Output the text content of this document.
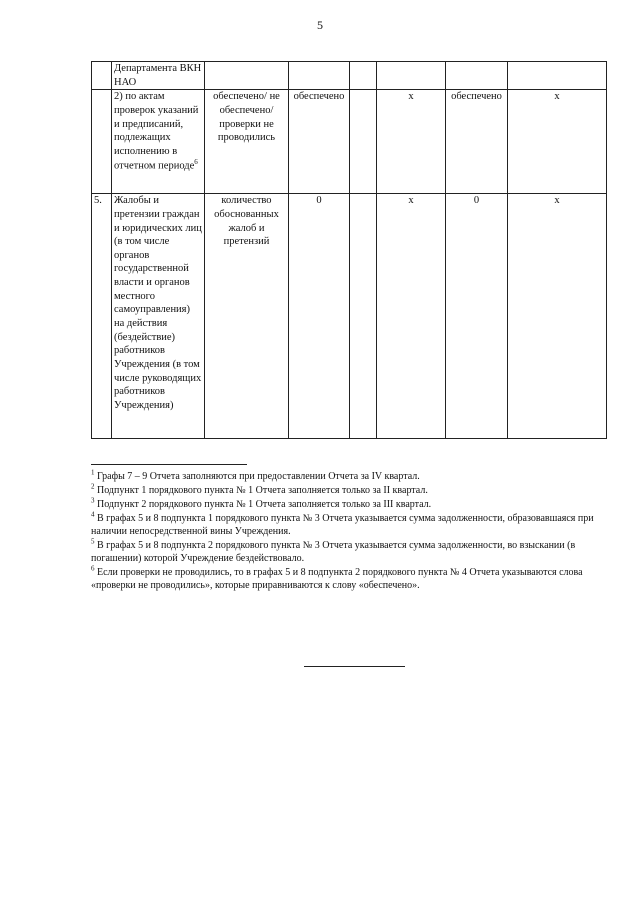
5
	Департамента ВКН НАО						
	2) по актам проверок указаний и предписаний, подлежащих исполнению в отчетном периоде$^6$	обеспечено/ не обеспечено/ проверки не проводились	обеспечено		х	обеспечено	х
5.	Жалобы и претензии граждан и юридических лиц (в том числе органов государственной власти и органов местного самоуправления) на действия (бездействие) работников Учреждения (в том числе руководящих работников Учреждения)	количество обоснованных жалоб и претензий	0		х	0	х

$^1$ Графы 7 – 9 Отчета заполняются при предоставлении Отчета за IV квартал.

$^2$ Подпункт 1 порядкового пункта № 1 Отчета заполняется только за II квартал.

$^3$ Подпункт 2 порядкового пункта № 1 Отчета заполняется только за III квартал.

$^4$ В графах 5 и 8 подпункта 1 порядкового пункта № 3 Отчета указывается сумма задолженности, образовавшаяся при наличии непосредственной вины Учреждения.

$^5$ В графах 5 и 8 подпункта 2 порядкового пункта № 3 Отчета указывается сумма задолженности, во взыскании (в погашении) которой Учреждение бездействовало.

$^6$ Если проверки не проводились, то в графах 5 и 8 подпункта 2 порядкового пункта № 4 Отчета указываются слова «проверки не проводились», которые приравниваются к слову «обеспечено».
